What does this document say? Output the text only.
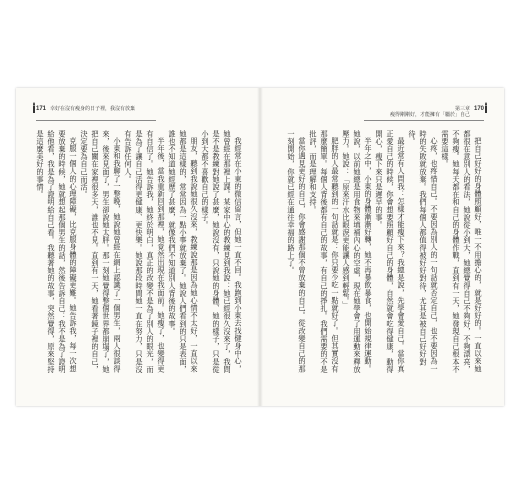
171 幸好在沒有瘦身的日子裡，我沒有放棄

我經常在小東的微信留言，但她一直不回。我跑到小東去找健身中心，她曾經在那裡上課。某家中心的教練見到我說：她已經很久沒來了，我問是不是教練對她說了甚麼，她說沒有，只說她的身體、她的樣子，只是從小到大都不喜歡自己的樣子。

朋友，聽到我說她很久沒來，教練說那是因為她心情不太好，一直以來她都是這樣的，常常因為一點小事就放棄了。她說人們看到的只是表面，誰也不知道她經歷了甚麼，就像我們不知道別人背後的故事。

半年後，當我重新回到那裡，她竟然出現在我面前。她瘦了，也變得更有自信了。她告訴我，她終於明白，真正的改變不是為了別人的眼光，而是為了讓自己活得更健康、更快樂。她說那段時間她一直在努力，只是沒有告訴任何人。

小東和我聊了一整晚，她說她曾經在網上認識了一個男生，兩人很談得來，後來見面了，男生卻說她太胖。那一刻她覺得整個世界都崩塌了，她把自己關在家裡很多天，誰也不見。直到有一天，她看著鏡子裡的自己，決定要為自己而活。

克服一個人的心理障礙，比克服身體的障礙更難。她告訴我，每一次想要放棄的時候，她就想起那個男生的話，然後告訴自己：我不是為了證明給他看，我是為了證明給自己看。我聽著她的故事，突然覺得，原來堅持是這麼美好的事情。

第三章
瘦得剛剛好，才能擁有「屬於」自己
170

把自己好好的身體照顧好，唯一不用擔心的，就是好好的。一直以來她都很在意別人的看法，她說從小到大，她總覺得自己不夠好，不夠漂亮，不夠瘦。她每天都在和自己的身體作戰，直到有一天，她發現自己根本不需要這樣。

心疼，也疼惜自己。不要因為別人的一句話就否定自己，也不要因為一時的失敗就放棄。我們每個人都值得被好好對待，尤其是被自己好好對待。

最近常有人問我：怎樣才能瘦下來？我總是說，先學會愛自己。當你真正愛自己的時候，你會想要照顧好自己的身體，自然就會吃得健康，動得開心，瘦下來只是遲早的事。

半年之中，小東的身體漸漸好轉，她不再暴飲暴食，也開始規律運動。她說，以前她總是用食物來填補內心的空虛，現在她學會了用運動來釋放壓力。她說：「原來汗水比眼淚更能讓人感到輕鬆。」

肥胖的人最常聽到的一句話就是：你只要少吃一點就好了。但其實沒有那麼簡單。每個人背後都有自己的故事，有自己的掙扎。我們需要的不是批評，而是理解和支持。

當你遇見更好的自己，你會感謝那個不曾放棄的自己。從改變自己的那一刻開始，你就已經在通往幸福的路上了。
